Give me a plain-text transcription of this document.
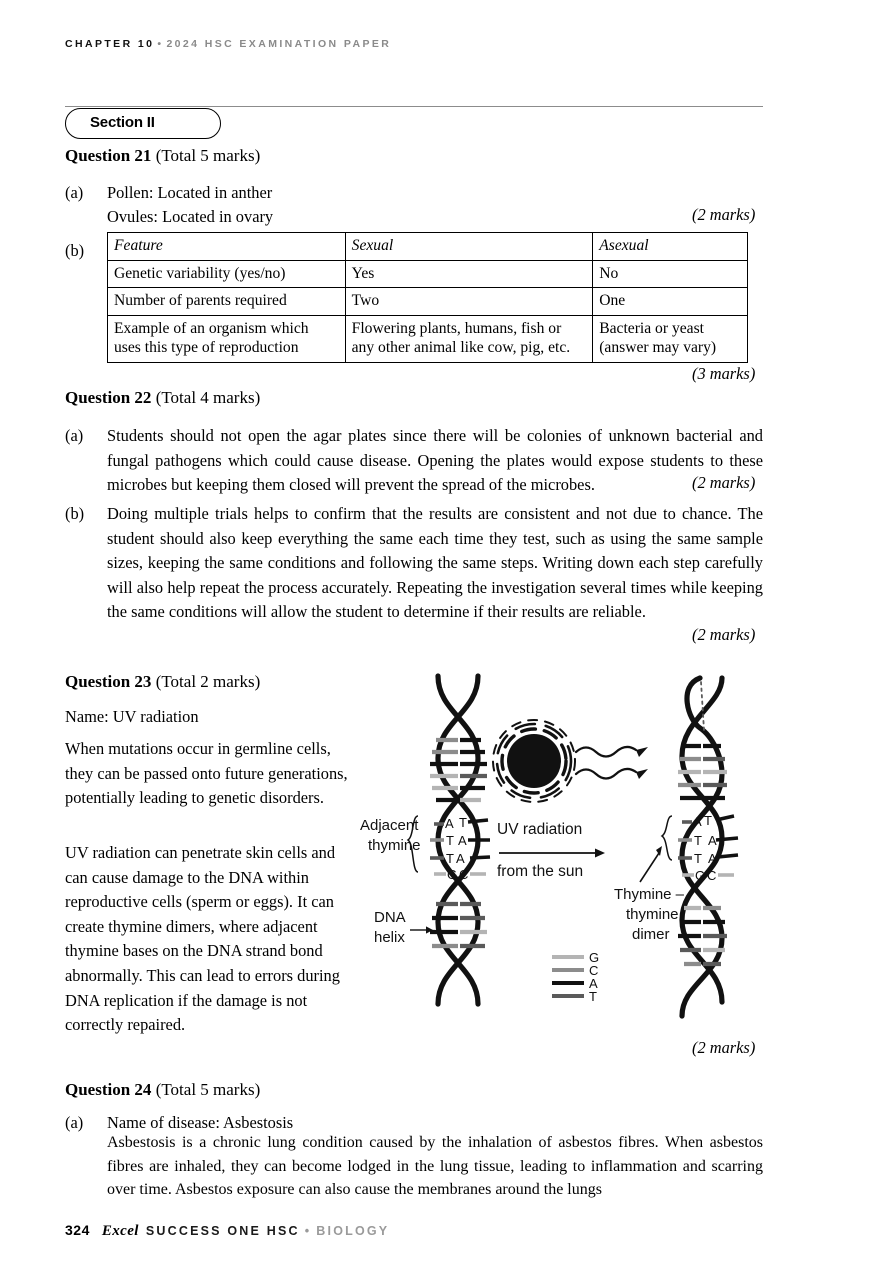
CHAPTER 10 • 2024 HSC EXAMINATION PAPER
Section II
Question 21 (Total 5 marks)
(a) Pollen: Located in anther
Ovules: Located in ovary	(2 marks)
(b) Feature	Sexual	Asexual
Genetic variability (yes/no)	Yes	No
Number of parents required	Two	One
Example of an organism which uses this type of reproduction	Flowering plants, humans, fish or any other animal like cow, pig, etc.	Bacteria or yeast (answer may vary)
(3 marks)
Question 22 (Total 4 marks)
(a) Students should not open the agar plates since there will be colonies of unknown bacterial and fungal pathogens which could cause disease. Opening the plates would expose students to these microbes but keeping them closed will prevent the spread of the microbes.	(2 marks)
(b) Doing multiple trials helps to confirm that the results are consistent and not due to chance. The student should also keep everything the same each time they test, such as using the same sample sizes, keeping the same conditions and following the same steps. Writing down each step carefully will also help repeat the process accurately. Repeating the investigation several times while keeping the same conditions will allow the student to determine if their results are reliable.
(2 marks)
Question 23 (Total 2 marks)
Name: UV radiation
When mutations occur in germline cells, they can be passed onto future generations, potentially leading to genetic disorders.
UV radiation can penetrate skin cells and can cause damage to the DNA within reproductive cells (sperm or eggs). It can create thymine dimers, where adjacent thymine bases on the DNA strand bond abnormally. This can lead to errors during DNA replication if the damage is not correctly repaired.
(2 marks)
A T
T A
T A
G C
Adjacent
thymine
DNA
helix
UV radiation
from the sun
G
C
A
T
A T
T A
T A
G C
Thymine –
thymine
dimer
Question 24 (Total 5 marks)
(a) Name of disease: Asbestosis
Asbestosis is a chronic lung condition caused by the inhalation of asbestos fibres. When asbestos fibres are inhaled, they can become lodged in the lung tissue, leading to inflammation and scarring over time. Asbestos exposure can also cause the membranes around the lungs
324 Excel SUCCESS ONE HSC • BIOLOGY
